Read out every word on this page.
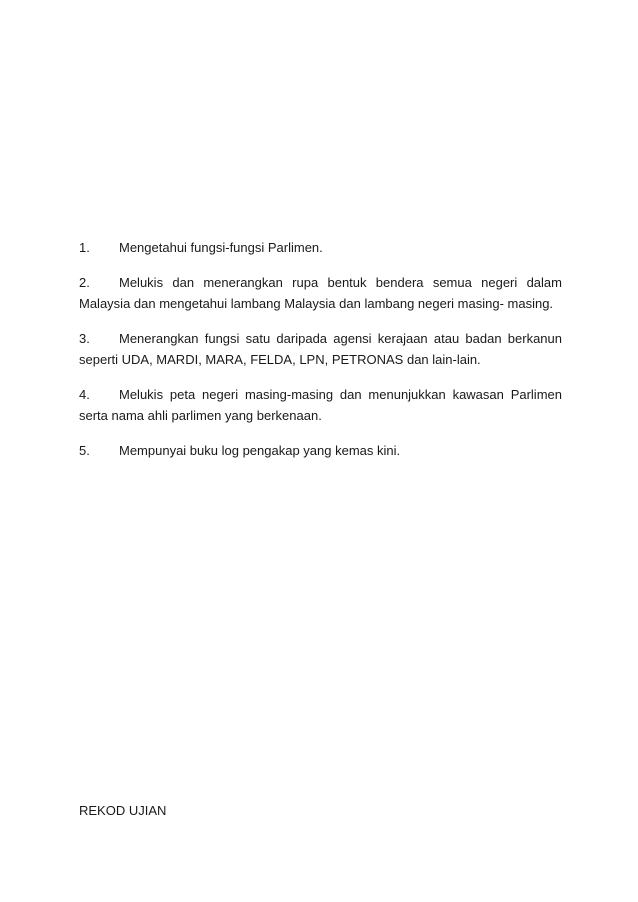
1. Mengetahui fungsi-fungsi Parlimen.

2. Melukis dan menerangkan rupa bentuk bendera semua negeri dalam Malaysia dan mengetahui lambang Malaysia dan lambang negeri masing- masing.

3. Menerangkan fungsi satu daripada agensi kerajaan atau badan berkanun seperti UDA, MARDI, MARA, FELDA, LPN, PETRONAS dan lain-lain.

4. Melukis peta negeri masing-masing dan menunjukkan kawasan Parlimen serta nama ahli parlimen yang berkenaan.

5. Mempunyai buku log pengakap yang kemas kini.

REKOD UJIAN
